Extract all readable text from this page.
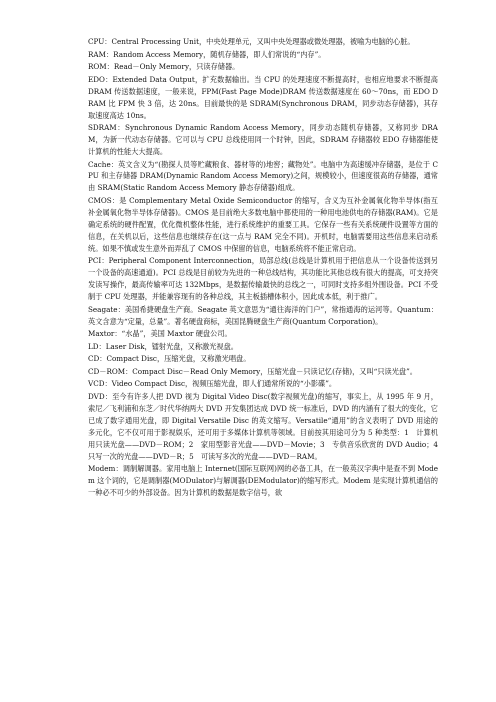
CPU：Central Processing Unit，中央处理单元，又叫中央处理器或微处理器，被喻为电脑的心脏。

RAM：Random Access Memory，随机存储器，即人们常说的“内存”。

ROM：Read－Only Memory，只读存储器。

EDO：Extended Data Output，扩充数据输出。当 CPU 的处理速度不断提高时，也相应地要求不断提高 DRAM 传送数据速度，一般来说，FPM(Fast Page Mode)DRAM 传送数据速度在 60～70ns，而 EDO DRAM 比 FPM 快 3 倍，达 20ns。目前最快的是 SDRAM(Synchronous DRAM，同步动态存储器)，其存取速度高达 10ns。

SDRAM：Synchronous Dynamic Random Access Memory，同步动态随机存储器，又称同步 DRAM，为新一代动态存储器。它可以与 CPU 总线使用同一个时钟，因此，SDRAM 存储器较 EDO 存储器能使计算机的性能大大提高。

Cache：英文含义为“(勘探人员等贮藏粮食、器材等的)地窖；藏物处”。电脑中为高速缓冲存储器，是位于 CPU 和主存储器 DRAM(Dynamic Random Access Memory)之间，规模较小，但速度很高的存储器，通常由 SRAM(Static Random Access Memory 静态存储器)组成。

CMOS：是 Complementary Metal Oxide Semiconductor 的缩写，含义为互补金属氧化物半导体(指互补金属氧化物半导体存储器)。CMOS 是目前绝大多数电脑中都使用的一种用电池供电的存储器(RAM)。它是确定系统的硬件配置，优化微机整体性能，进行系统维护的重要工具。它保存一些有关系统硬件设置等方面的信息，在关机以后，这些信息也继续存在(这一点与 RAM 完全不同)。开机时，电脑需要用这些信息来启动系统。如果不慎或发生意外而弄乱了 CMOS 中保留的信息，电脑系统将不能正常启动。

PCI：Peripheral Component Interconnection，局部总线(总线是计算机用于把信息从一个设备传送到另一个设备的高速通道)。PCI 总线是目前较为先进的一种总线结构，其功能比其他总线有很大的提高，可支持突发读写操作，最高传输率可达 132Mbps，是数据传输最快的总线之一，可同时支持多组外围设备。PCI 不受制于 CPU 处理器，并能兼容现有的各种总线，其主板插槽体积小，因此成本低，利于推广。

Seagate：美国希捷硬盘生产商。Seagate 英文意思为“通往海洋的门户”，常指通海的运河等。Quantum：英文含意为“定量，总量”。著名硬盘商标，美国昆腾硬盘生产商(Quantum Corporation)。

Maxtor：“水晶”，美国 Maxtor 硬盘公司。

LD：Laser Disk，镭射光盘，又称激光视盘。

CD：Compact Disc，压缩光盘，又称激光唱盘。

CD－ROM：Compact Disc－Read Only Memory，压缩光盘－只读记忆(存储)，又叫“只读光盘”。

VCD：Video Compact Disc，视频压缩光盘，即人们通常所说的“小影碟”。

DVD：至今有许多人把 DVD 视为 Digital Video Disc(数字视频光盘)的缩写，事实上，从 1995 年 9 月，索尼／飞利浦和东芝／时代华纳两大 DVD 开发集团达成 DVD 统一标准后，DVD 的内涵有了很大的变化，它已成了数字通用光盘，即 Digital Versatile Disc 的英文缩写。Versatile“通用”的含义表明了 DVD 用途的多元化，它不仅可用于影视娱乐，还可用于多媒体计算机等领域。目前按其用途可分为 5 种类型：1　计算机用只读光盘——DVD－ROM；2　家用型影音光盘——DVD－Movie；3　专供音乐欣赏的 DVD Audio；4　只写一次的光盘——DVD－R；5　可读写多次的光盘——DVD－RAM。

Modem：调制解调器。家用电脑上 Internet(国际互联网)网的必备工具，在一般英汉字典中是查不到 Modem 这个词的，它是调制器(MODulator)与解调器(DEModulator)的缩写形式。Modem 是实现计算机通信的一种必不可少的外部设备。因为计算机的数据是数字信号，欲
